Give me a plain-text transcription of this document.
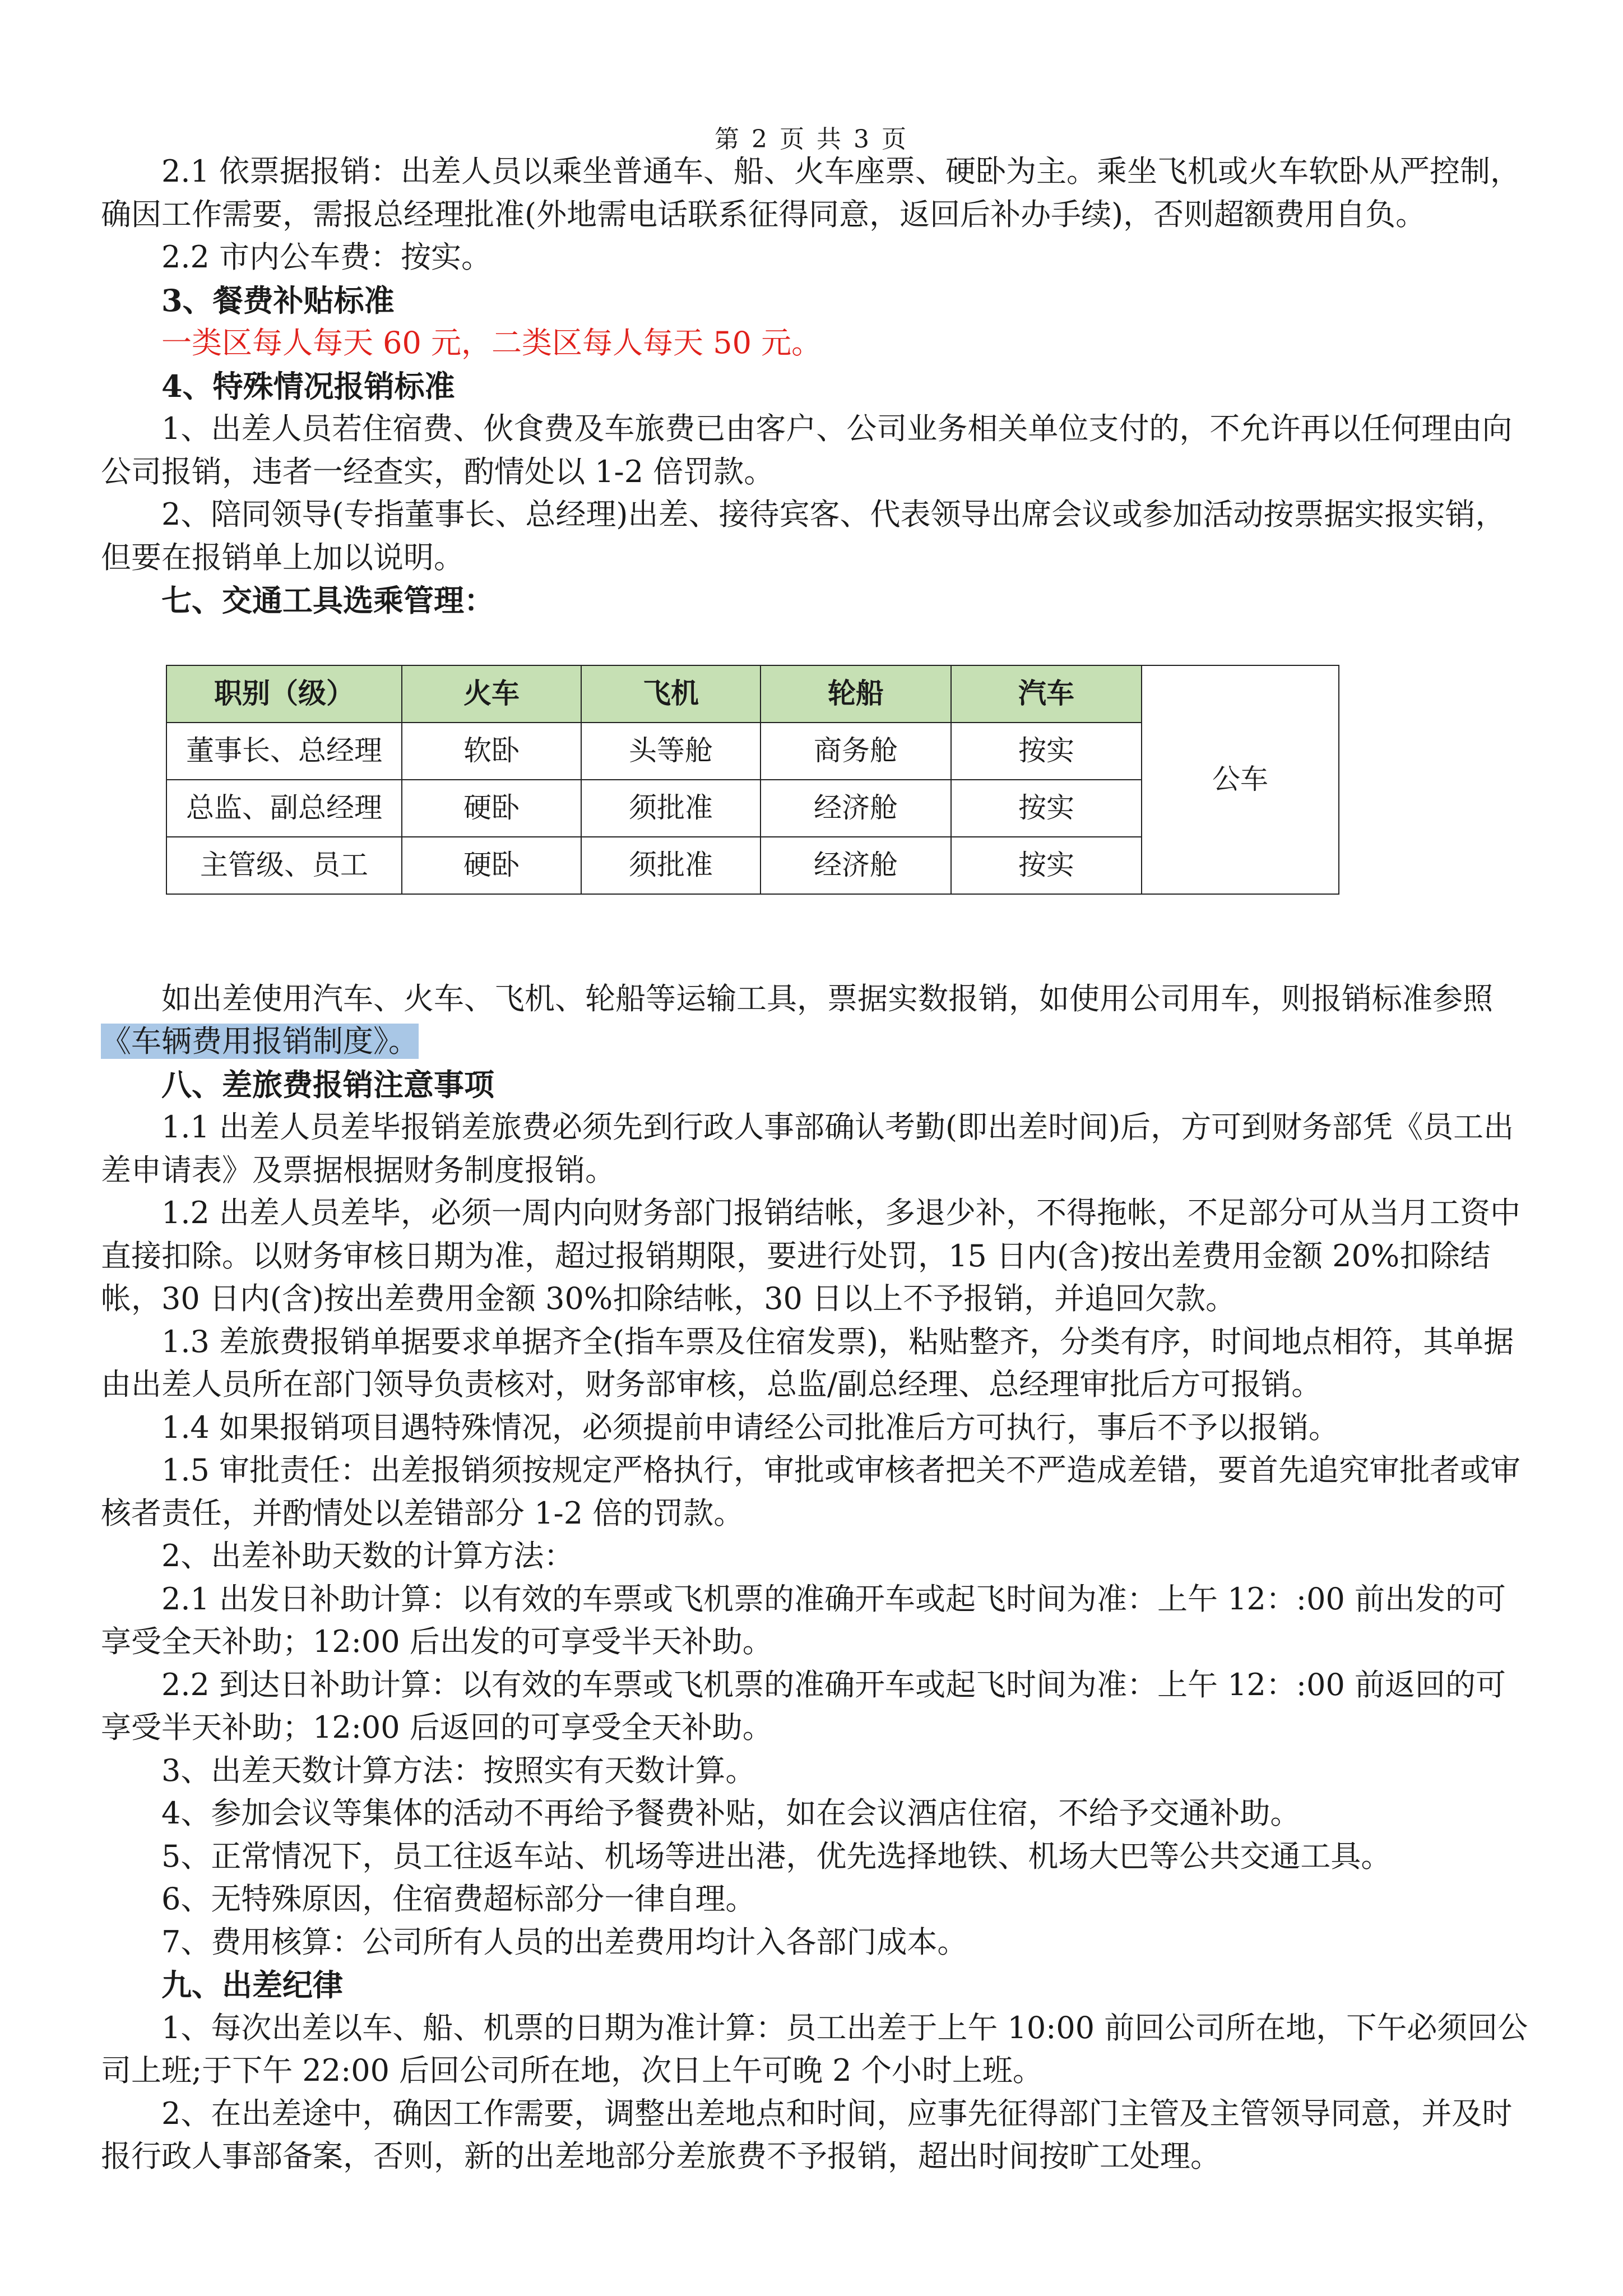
第 2 页 共 3 页

2.1 依票据报销：出差人员以乘坐普通车、船、火车座票、硬卧为主。乘坐飞机或火车软卧从严控制，确因工作需要，需报总经理批准(外地需电话联系征得同意，返回后补办手续)，否则超额费用自负。

2.2 市内公车费：按实。

3、餐费补贴标准

一类区每人每天 60 元，二类区每人每天 50 元。

4、特殊情况报销标准

1、出差人员若住宿费、伙食费及车旅费已由客户、公司业务相关单位支付的，不允许再以任何理由向公司报销，违者一经查实，酌情处以 1-2 倍罚款。

2、陪同领导(专指董事长、总经理)出差、接待宾客、代表领导出席会议或参加活动按票据实报实销，但要在报销单上加以说明。

七、交通工具选乘管理：

职别（级）	火车	飞机	轮船	汽车	公车
董事长、总经理	软卧	头等舱	商务舱	按实	
总监、副总经理	硬卧	须批准	经济舱	按实	
主管级、员工	硬卧	须批准	经济舱	按实	

如出差使用汽车、火车、飞机、轮船等运输工具，票据实数报销，如使用公司用车，则报销标准参照《车辆费用报销制度》。

八、差旅费报销注意事项

1.1 出差人员差毕报销差旅费必须先到行政人事部确认考勤(即出差时间)后，方可到财务部凭《员工出差申请表》及票据根据财务制度报销。

1.2 出差人员差毕，必须一周内向财务部门报销结帐，多退少补，不得拖帐，不足部分可从当月工资中直接扣除。以财务审核日期为准，超过报销期限，要进行处罚，15 日内(含)按出差费用金额 20%扣除结帐，30 日内(含)按出差费用金额 30%扣除结帐，30 日以上不予报销，并追回欠款。

1.3 差旅费报销单据要求单据齐全(指车票及住宿发票)，粘贴整齐，分类有序，时间地点相符，其单据由出差人员所在部门领导负责核对，财务部审核，总监/副总经理、总经理审批后方可报销。

1.4 如果报销项目遇特殊情况，必须提前申请经公司批准后方可执行，事后不予以报销。

1.5 审批责任：出差报销须按规定严格执行，审批或审核者把关不严造成差错，要首先追究审批者或审核者责任，并酌情处以差错部分 1-2 倍的罚款。

2、出差补助天数的计算方法：

2.1 出发日补助计算：以有效的车票或飞机票的准确开车或起飞时间为准：上午 12：:00 前出发的可享受全天补助；12:00 后出发的可享受半天补助。

2.2 到达日补助计算：以有效的车票或飞机票的准确开车或起飞时间为准：上午 12：:00 前返回的可享受半天补助；12:00 后返回的可享受全天补助。

3、出差天数计算方法：按照实有天数计算。

4、参加会议等集体的活动不再给予餐费补贴，如在会议酒店住宿，不给予交通补助。

5、正常情况下，员工往返车站、机场等进出港，优先选择地铁、机场大巴等公共交通工具。

6、无特殊原因，住宿费超标部分一律自理。

7、费用核算：公司所有人员的出差费用均计入各部门成本。

九、出差纪律

1、每次出差以车、船、机票的日期为准计算：员工出差于上午 10:00 前回公司所在地，下午必须回公司上班;于下午 22:00 后回公司所在地，次日上午可晚 2 个小时上班。

2、在出差途中，确因工作需要，调整出差地点和时间，应事先征得部门主管及主管领导同意，并及时报行政人事部备案，否则，新的出差地部分差旅费不予报销，超出时间按旷工处理。
